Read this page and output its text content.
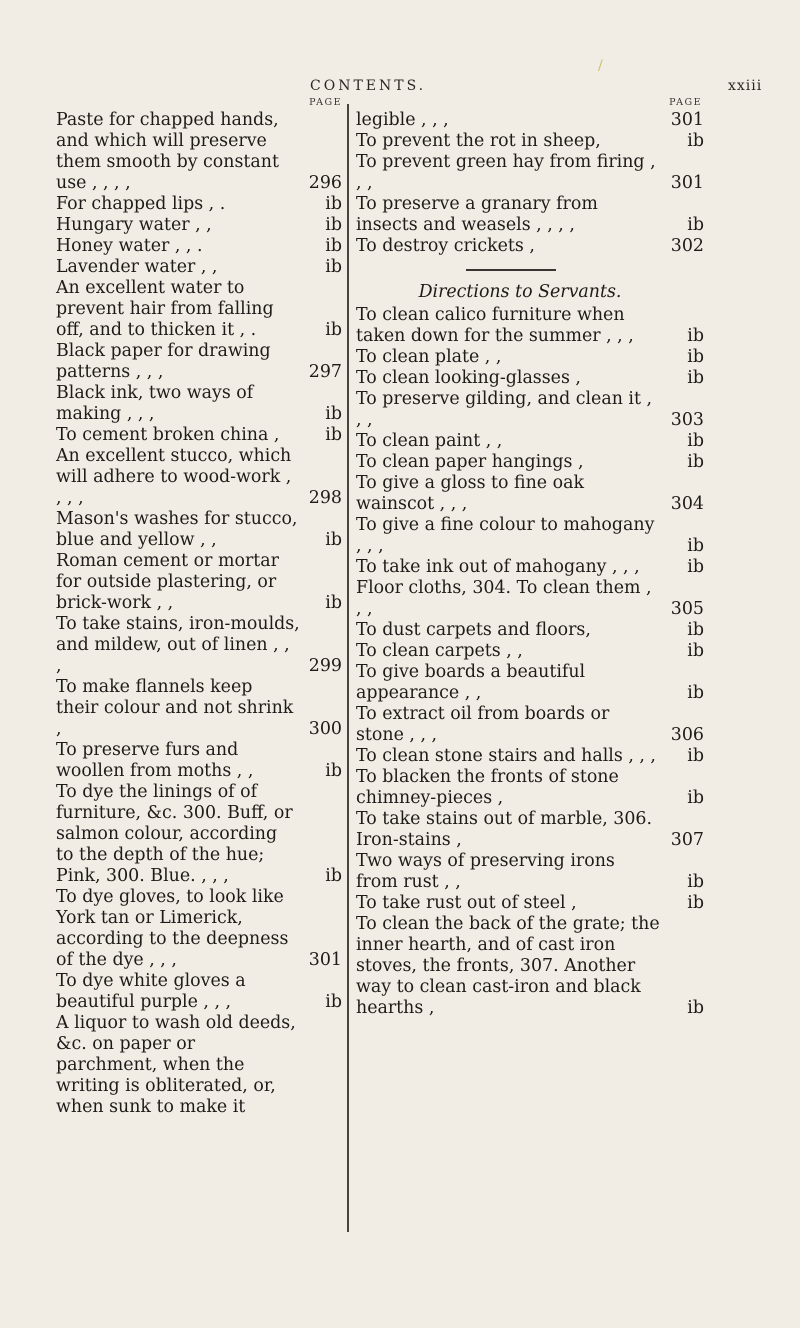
/
CONTENTS.	xxiii
PAGE
Paste for chapped hands, and which will preserve them smooth by constant use , , , ,	296
For chapped lips , .	ib
Hungary water , ,	ib
Honey water , , .	ib
Lavender water , ,	ib
An excellent water to prevent hair from falling off, and to thicken it , .	ib
Black paper for drawing patterns , , ,	297
Black ink, two ways of making , , ,	ib
To cement broken china ,	ib
An excellent stucco, which will adhere to wood-work , , , ,	298
Mason's washes for stucco, blue and yellow , ,	ib
Roman cement or mortar for outside plastering, or brick-work , ,	ib
To take stains, iron-moulds, and mildew, out of linen , , ,	299
To make flannels keep their colour and not shrink ,	300
To preserve furs and woollen from moths , ,	ib
To dye the linings of of furniture, &c. 300. Buff, or salmon colour, according to the depth of the hue; Pink, 300. Blue. , , ,	ib
To dye gloves, to look like York tan or Limerick, according to the deepness of the dye , , ,	301
To dye white gloves a beautiful purple , , ,	ib
A liquor to wash old deeds, &c. on paper or parchment, when the writing is obliterated, or, when sunk to make it
PAGE
legible , , ,	301
To prevent the rot in sheep,	ib
To prevent green hay from firing , , ,	301
To preserve a granary from insects and weasels , , , ,	ib
To destroy crickets ,	302
Directions to Servants.
To clean calico furniture when taken down for the summer , , ,	ib
To clean plate , ,	ib
To clean looking-glasses ,	ib
To preserve gilding, and clean it , , ,	303
To clean paint , ,	ib
To clean paper hangings ,	ib
To give a gloss to fine oak wainscot , , ,	304
To give a fine colour to mahogany , , ,	ib
To take ink out of mahogany , , ,	ib
Floor cloths, 304. To clean them , , ,	305
To dust carpets and floors,	ib
To clean carpets , ,	ib
To give boards a beautiful appearance , ,	ib
To extract oil from boards or stone , , ,	306
To clean stone stairs and halls , , ,	ib
To blacken the fronts of stone chimney-pieces ,	ib
To take stains out of marble, 306. Iron-stains ,	307
Two ways of preserving irons from rust , ,	ib
To take rust out of steel ,	ib
To clean the back of the grate; the inner hearth, and of cast iron stoves, the fronts, 307. Another way to clean cast-iron and black hearths ,	ib
